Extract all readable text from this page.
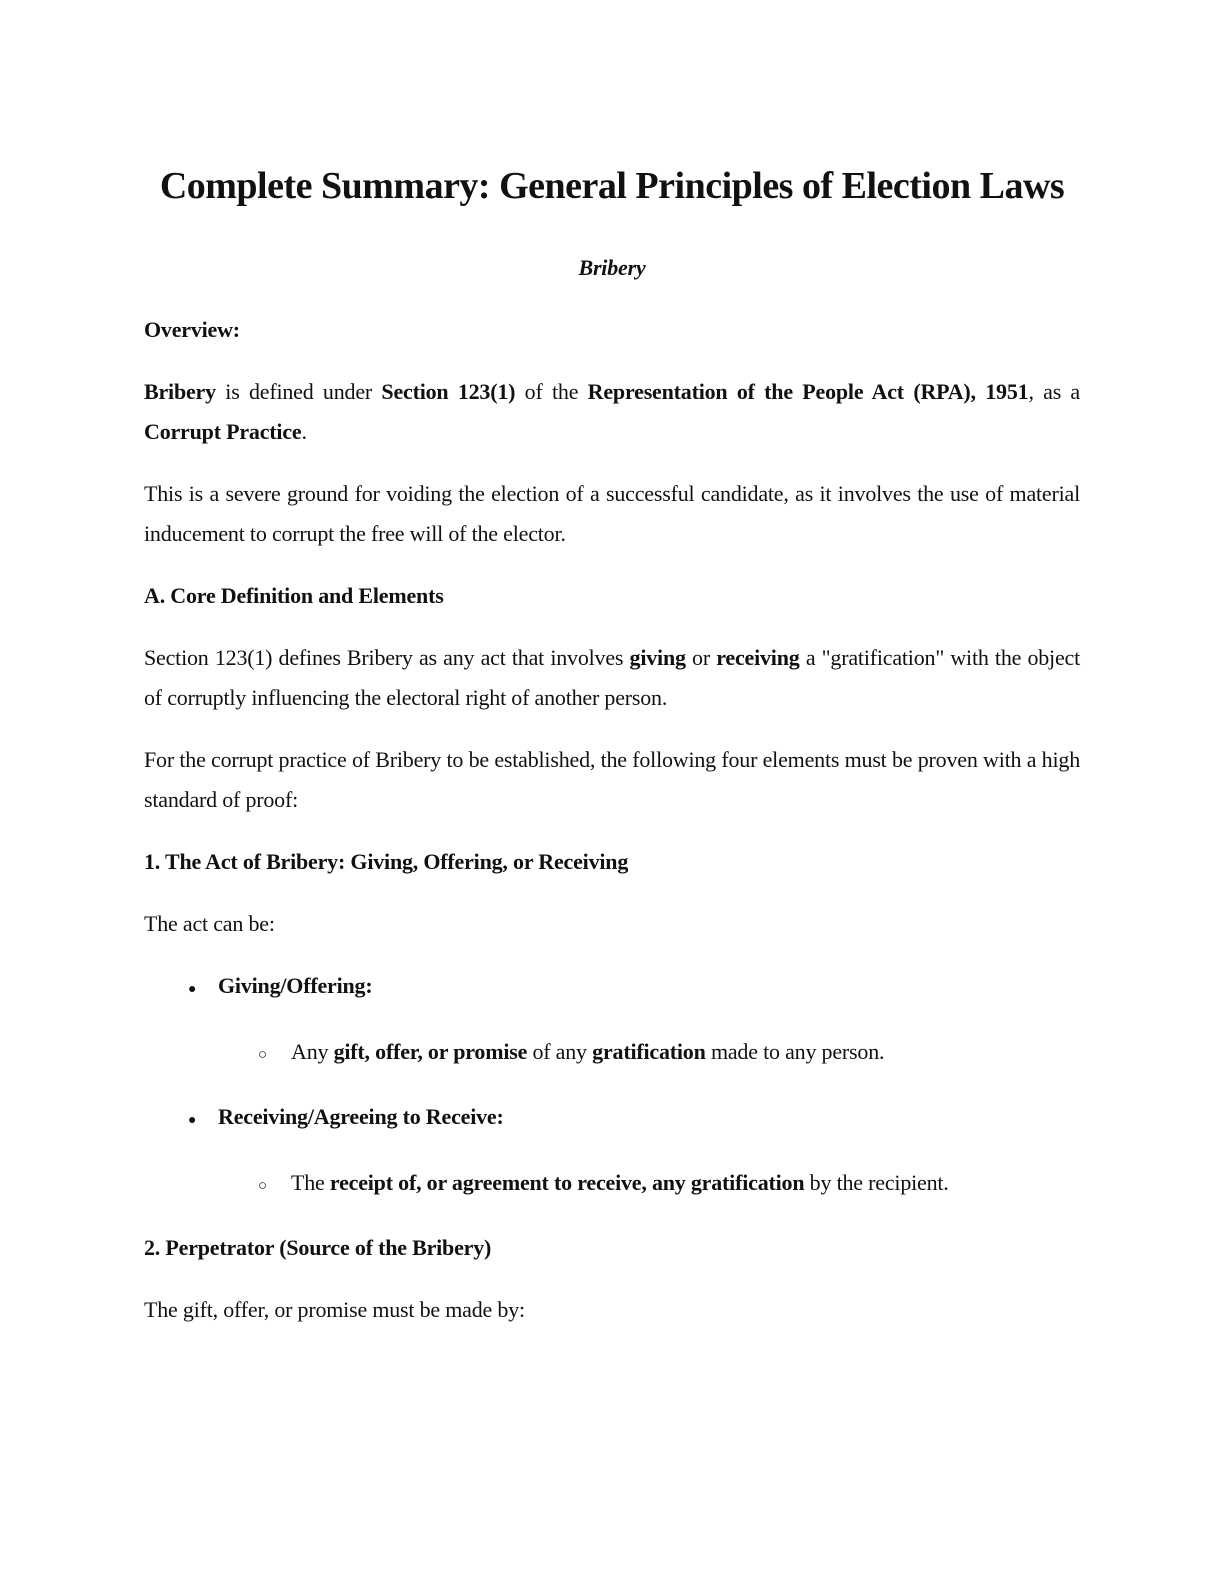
Complete Summary: General Principles of Election Laws

Bribery

Overview:

Bribery is defined under Section 123(1) of the Representation of the People Act (RPA), 1951, as a Corrupt Practice.

This is a severe ground for voiding the election of a successful candidate, as it involves the use of material inducement to corrupt the free will of the elector.

A. Core Definition and Elements

Section 123(1) defines Bribery as any act that involves giving or receiving a "gratification" with the object of corruptly influencing the electoral right of another person.

For the corrupt practice of Bribery to be established, the following four elements must be proven with a high standard of proof:

1. The Act of Bribery: Giving, Offering, or Receiving

The act can be:

● Giving/Offering:
○	Any gift, offer, or promise of any gratification made to any person.
● Receiving/Agreeing to Receive:
○	The receipt of, or agreement to receive, any gratification by the recipient.
2. Perpetrator (Source of the Bribery)

The gift, offer, or promise must be made by:
